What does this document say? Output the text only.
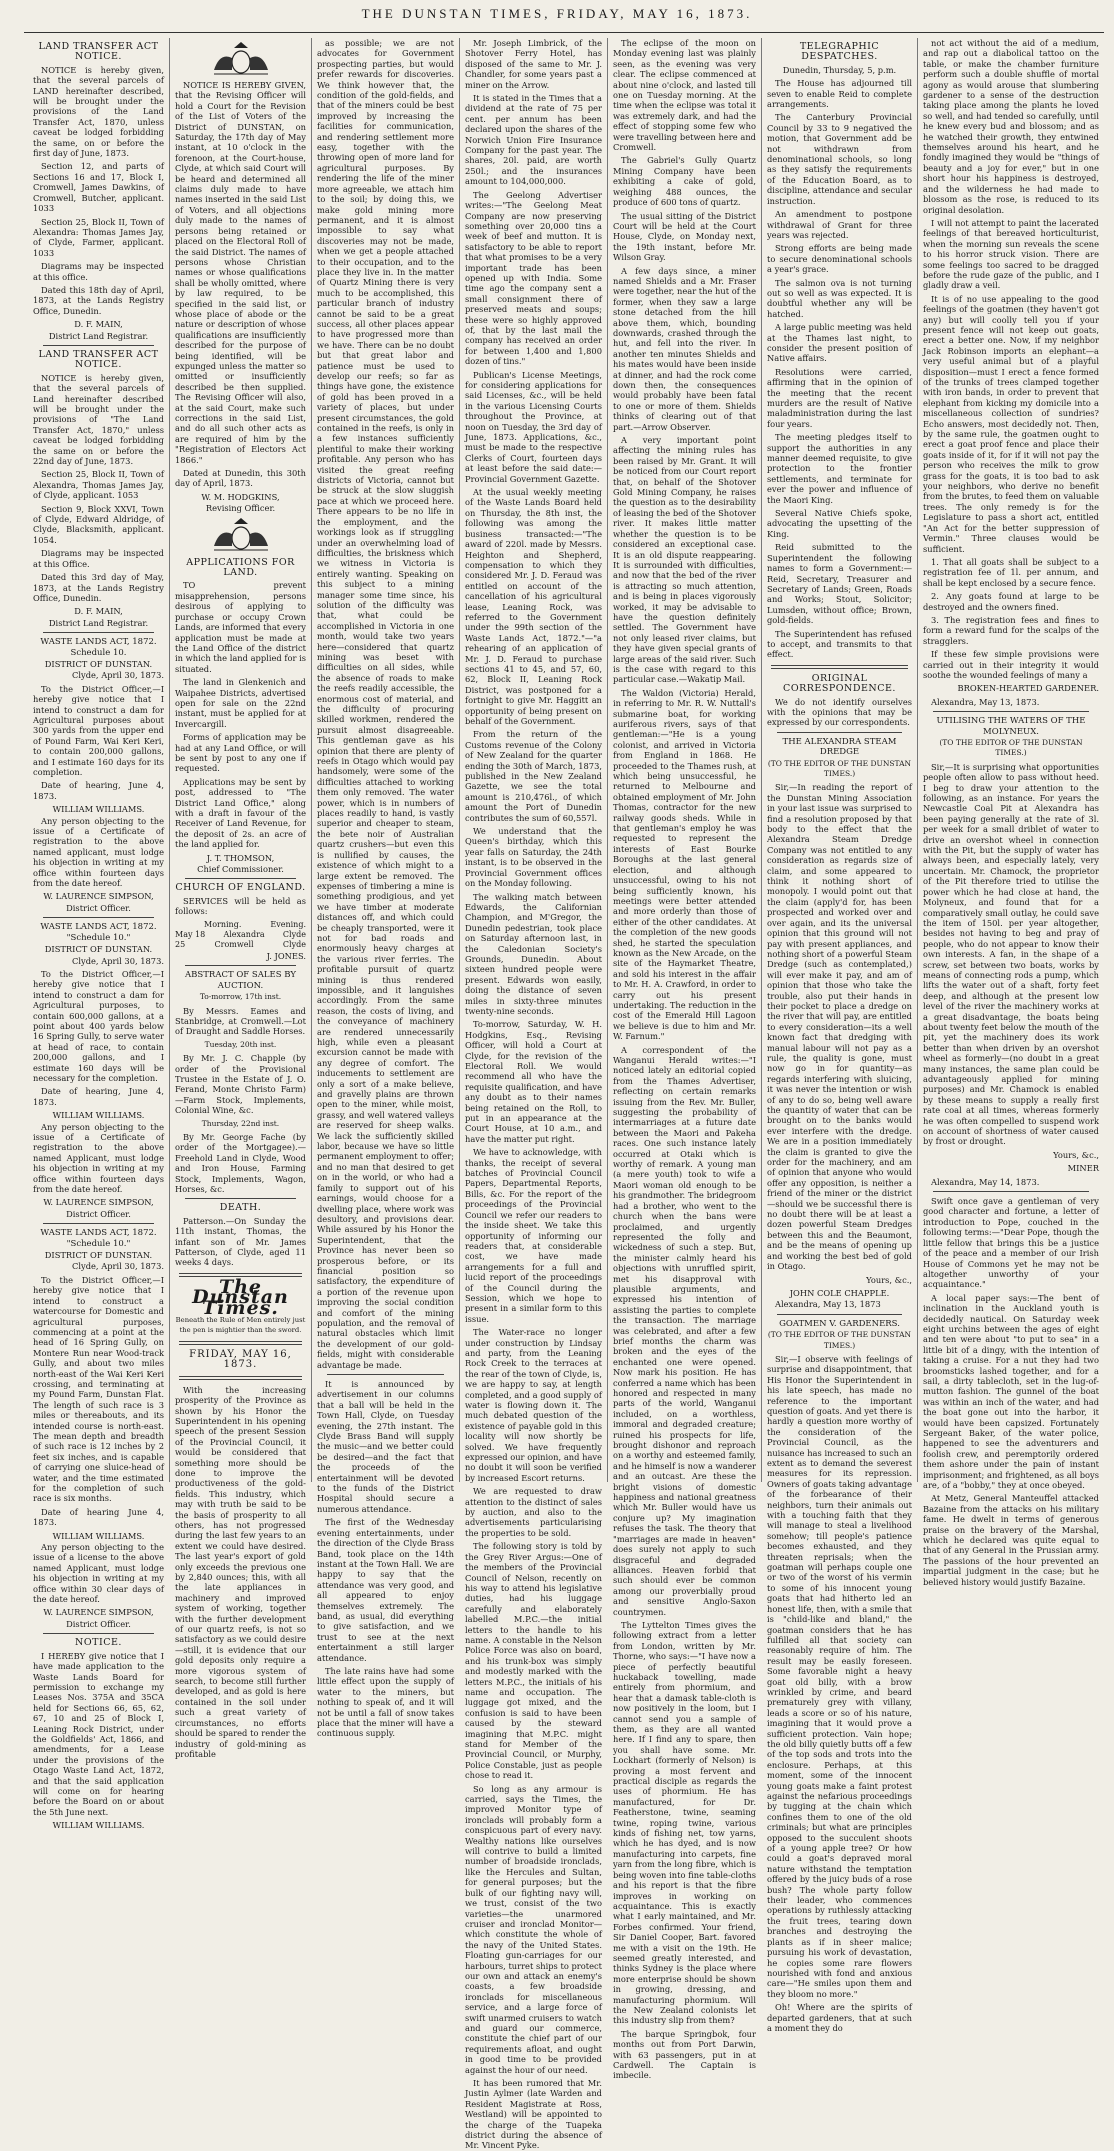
THE DUNSTAN TIMES, FRIDAY, MAY 16, 1873.
LAND TRANSFER ACT NOTICE.

NOTICE is hereby given, that the several parcels of LAND hereinafter described, will be brought under the provisions of the Land Transfer Act, 1870, unless caveat be lodged forbidding the same, on or before the first day of June, 1873.

Section 12, and parts of Sections 16 and 17, Block I, Cromwell, James Dawkins, of Cromwell, Butcher, applicant. 1033

Section 25, Block II, Town of Alexandra: Thomas James Jay, of Clyde, Farmer, applicant. 1033

Diagrams may be inspected at this office.

Dated this 18th day of April, 1873, at the Lands Registry Office, Dunedin.

D. F. MAIN,

District Land Registrar.

LAND TRANSFER ACT NOTICE.

NOTICE is hereby given, that the several parcels of Land hereinafter described will be brought under the provisions of "The Land Transfer Act, 1870," unless caveat be lodged forbidding the same on or before the 22nd day of June, 1873.

Section 25, Block II, Town of Alexandra, Thomas James Jay, of Clyde, applicant. 1053

Section 9, Block XXVI, Town of Clyde, Edward Aldridge, of Clyde, Blacksmith, applicant. 1054.

Diagrams may be inspected at this Office.

Dated this 3rd day of May, 1873, at the Lands Registry Office, Dunedin.

D. F. MAIN,

District Land Registrar.

WASTE LANDS ACT, 1872. Schedule 10.

DISTRICT OF DUNSTAN.

Clyde, April 30, 1873.

To the District Officer,—I hereby give notice that I intend to construct a dam for Agricultural purposes about 300 yards from the upper end of Pound Farm, Wai Keri Keri, to contain 200,000 gallons, and I estimate 160 days for its completion.

Date of hearing, June 4, 1873.

WILLIAM WILLIAMS.

Any person objecting to the issue of a Certificate of registration to the above named applicant, must lodge his objection in writing at my office within fourteen days from the date hereof.

W. LAURENCE SIMPSON,

District Officer.

WASTE LANDS ACT, 1872. "Schedule 10."

DISTRICT OF DUNSTAN.

Clyde, April 30, 1873.

To the District Officer,—I hereby give notice that I intend to construct a dam for Agricultural purposes, to contain 600,000 gallons, at a point about 400 yards below 16 Spring Gully, to serve water at head of race, to contain 200,000 gallons, and I estimate 160 days will be necessary for the completion.

Date of hearing, June 4, 1873.

WILLIAM WILLIAMS.

Any person objecting to the issue of a Certificate of registration to the above named Applicant, must lodge his objection in writing at my office within fourteen days from the date hereof.

W. LAURENCE SIMPSON,

District Officer.

WASTE LANDS ACT, 1872. "Schedule 10."

DISTRICT OF DUNSTAN.

Clyde, April 30, 1873.

To the District Officer,—I hereby give notice that I intend to construct a watercourse for Domestic and agricultural purposes, commencing at a point at the head of 16 Spring Gully, on Montere Run near Wood-track Gully, and about two miles north-east of the Wai Keri Keri crossing, and terminating at my Pound Farm, Dunstan Flat. The length of such race is 3 miles or thereabouts, and its intended course is north-east. The mean depth and breadth of such race is 12 inches by 2 feet six inches, and is capable of carrying one sluice-head of water, and the time estimated for the completion of such race is six months.

Date of hearing June 4, 1873.

WILLIAM WILLIAMS.

Any person objecting to the issue of a license to the above named Applicant, must lodge his objection in writing at my office within 30 clear days of the date hereof.

W. LAURENCE SIMPSON,

District Officer.

NOTICE.

I HEREBY give notice that I have made application to the Waste Lands Board for permission to exchange my Leases Nos. 375A and 35CA held for Sections 66, 65, 62, 67, 10 and 25 of Block I, Leaning Rock District, under the Goldfields' Act, 1866, and amendments, for a Lease under the provisions of the Otago Waste Land Act, 1872, and that the said application will come on for hearing before the Board on or about the 5th June next.

WILLIAM WILLIAMS.

NOTICE IS HEREBY GIVEN, that the Revising Officer will hold a Court for the Revision of the List of Voters of the District of DUNSTAN, on Saturday, the 17th day of May instant, at 10 o'clock in the forenoon, at the Court-house, Clyde, at which said Court will be heard and determined all claims duly made to have names inserted in the said List of Voters, and all objections duly made to the names of persons being retained or placed on the Electoral Roll of the said District. The names of persons whose Christian names or whose qualifications shall be wholly omitted, where by law required, to be specified in the said list, or whose place of abode or the nature or description of whose qualifications are insufficiently described for the purpose of being identified, will be expunged unless the matter so omitted or insufficiently described be then supplied. The Revising Officer will also, at the said Court, make such corrections in the said List, and do all such other acts as are required of him by the "Registration of Electors Act 1866."

Dated at Dunedin, this 30th day of April, 1873.

W. M. HODGKINS,

Revising Officer.

APPLICATIONS FOR LAND.

TO prevent misapprehension, persons desirous of applying to purchase or occupy Crown Lands, are informed that every application must be made at the Land Office of the district in which the land applied for is situated.

The land in Glenkenich and Waipahee Districts, advertised open for sale on the 22nd instant, must be applied for at Invercargill.

Forms of application may be had at any Land Office, or will be sent by post to any one if requested.

Applications may be sent by post, addressed to "The District Land Office," along with a draft in favour of the Receiver of Land Revenue, for the deposit of 2s. an acre of the land applied for.

J. T. THOMSON,

Chief Commissioner.

CHURCH OF ENGLAND.

SERVICES will be held as follows:

Morning.	Evening.
May 18 Alexandra Clyde
25	Cromwell	Clyde

J. JONES.

ABSTRACT OF SALES BY AUCTION.

To-morrow, 17th inst.

By Messrs. Eames and Stanbridge, at Cromwell.—Lot of Draught and Saddle Horses.

Tuesday, 20th inst.

By Mr. J. C. Chapple (by order of the Provisional Trustee in the Estate of J. O. Ferand, Monte Christo Farm)—Farm Stock, Implements, Colonial Wine, &c.

Thursday, 22nd inst.

By Mr. George Fache (by order of the Mortgagee).—Freehold Land in Clyde, Wood and Iron House, Farming Stock, Implements, Wagon, Horses, &c.

DEATH.

Patterson.—On Sunday the 11th instant, Thomas, the infant son of Mr. James Patterson, of Clyde, aged 11 weeks 4 days.

The Dunstan Times.
Beneath the Rule of Men entirely just the pen is mightier than the sword.
FRIDAY, MAY 16, 1873.

With the increasing prosperity of the Province as shown by his Honor the Superintendent in his opening speech of the present Session of the Provincial Council, it would be considered that something more should be done to improve the productiveness of the gold-fields. This industry, which may with truth be said to be the basis of prosperity to all others, has not progressed during the last few years to an extent we could have desired. The last year's export of gold only exceeds the previous one by 2,840 ounces; this, with all the late appliances in machinery and improved system of working, together with the further development of our quartz reefs, is not so satisfactory as we could desire—still, it is evidence that our gold deposits only require a more vigorous system of search, to become still further developed, and as gold is here contained in the soil under such a great variety of circumstances, no efforts should be spared to render the industry of gold-mining as profitable

as possible; we are not advocates for Government prospecting parties, but would prefer rewards for discoveries. We think however that, the condition of the gold-fields, and that of the miners could be best improved by increasing the facilities for communication, and rendering settlement more easy, together with the throwing open of more land for agricultural purposes. By rendering the life of the miner more agreeable, we attach him to the soil; by doing this, we make gold mining more permanent, and it is almost impossible to say what discoveries may not be made, when we get a people attached to their occupation, and to the place they live in. In the matter of Quartz Mining there is very much to be accomplished, this particular branch of industry cannot be said to be a great success, all other places appear to have progressed more than we have. There can be no doubt but that great labor and patience must be used to develop our reefs; so far as things have gone, the existence of gold has been proved in a variety of places, but under present circumstances, the gold contained in the reefs, is only in a few instances sufficiently plentiful to make their working profitable. Any person who has visited the great reefing districts of Victoria, cannot but be struck at the slow sluggish pace at which we proceed here. There appears to be no life in the employment, and the workings look as if struggling under an overwhelming load of difficulties, the briskness which we witness in Victoria is entirely wanting. Speaking on this subject to a mining manager some time since, his solution of the difficulty was that, what could be accomplished in Victoria in one month, would take two years here—considered that quartz mining was beset with difficulties on all sides, while the absence of roads to make the reefs readily accessible, the enormous cost of material, and the difficulty of procuring skilled workmen, rendered the pursuit almost disagreeable. This gentleman gave as his opinion that there are plenty of reefs in Otago which would pay handsomely, were some of the difficulties attached to working them only removed. The water power, which is in numbers of places readily to hand, is vastly superior and cheaper to steam, the bete noir of Australian quartz crushers—but even this is nullified by causes, the existence of which might to a large extent be removed. The expenses of timbering a mine is something prodigious, and yet we have timber at moderate distances off, and which could be cheaply transported, were it not for bad roads and enormously heavy charges at the various river ferries. The profitable pursuit of quartz mining is thus rendered impossible, and it languishes accordingly. From the same reason, the costs of living, and the conveyance of machinery are rendered unnecessarily high, while even a pleasant excursion cannot be made with any degree of comfort. The inducements to settlement are only a sort of a make believe, and gravelly plains are thrown open to the miner, while moist, grassy, and well watered valleys are reserved for sheep walks. We lack the sufficiently skilled labor, because we have so little permanent employment to offer; and no man that desired to get on in the world, or who had a family to support out of his earnings, would choose for a dwelling place, where work was desultory, and provisions dear. While assured by his Honor the Superintendent, that the Province has never been so prosperous before, or its financial position so satisfactory, the expenditure of a portion of the revenue upon improving the social condition and comfort of the mining population, and the removal of natural obstacles which limit the development of our gold-fields, might with considerable advantage be made.

It is announced by advertisement in our columns that a ball will be held in the Town Hall, Clyde, on Tuesday evening, the 27th instant. The Clyde Brass Band will supply the music—and we better could be desired—and the fact that the proceeds of the entertainment will be devoted to the funds of the District Hospital should secure a numerous attendance.

The first of the Wednesday evening entertainments, under the direction of the Clyde Brass Band, took place on the 14th instant at the Town Hall. We are happy to say that the attendance was very good, and all appeared to enjoy themselves extremely. The band, as usual, did everything to give satisfaction, and we trust to see at the next entertainment a still larger attendance.

The late rains have had some little effect upon the supply of water to the miners, but nothing to speak of, and it will not be until a fall of snow takes place that the miner will have a continuous supply.

Mr. Joseph Limbrick, of the Shotover Ferry Hotel, has disposed of the same to Mr. J. Chandler, for some years past a miner on the Arrow.

It is stated in the Times that a dividend at the rate of 75 per cent. per annum has been declared upon the shares of the Norwich Union Fire Insurance Company for the past year. The shares, 20l. paid, are worth 250l.; and the insurances amount to 104,000,000.

The Geelong Advertiser writes:—"The Geelong Meat Company are now preserving something over 20,000 tins a week of beef and mutton. It is satisfactory to be able to report that what promises to be a very important trade has been opened up with India. Some time ago the company sent a small consignment there of preserved meats and soups; these were so highly approved of, that by the last mail the company has received an order for between 1,400 and 1,800 dozen of tins."

Publican's License Meetings, for considering applications for said Licenses, &c., will be held in the various Licensing Courts throughout the Province, at noon on Tuesday, the 3rd day of June, 1873. Applications, &c., must be made to the respective Clerks of Court, fourteen days at least before the said date:—Provincial Government Gazette.

At the usual weekly meeting of the Waste Lands Board held on Thursday, the 8th inst, the following was among the business transacted:—"The award of 220l. made by Messrs. Heighton and Shepherd, compensation to which they considered Mr. J. D. Feraud was entitled on account of the cancellation of his agricultural lease, Leaning Rock, was referred to the Government under the 99th section of the Waste Lands Act, 1872."—"a rehearing of an application of Mr. J. D. Feraud to purchase sections 41 to 45, and 57, 60, 62, Block II, Leaning Rock District, was postponed for a fortnight to give Mr. Haggitt an opportunity of being present on behalf of the Government.

From the return of the Customs revenue of the Colony of New Zealand for the quarter ending the 30th of March, 1873, published in the New Zealand Gazette, we see the total amount is 210,476l., of which amount the Port of Dunedin contributes the sum of 60,557l.

We understand that the Queen's birthday, which this year falls on Saturday, the 24th instant, is to be observed in the Provincial Government offices on the Monday following.

The walking match between Edwards, the Californian Champion, and M'Gregor, the Dunedin pedestrian, took place on Saturday afternoon last, in the Caledonian Society's Grounds, Dunedin. About sixteen hundred people were present. Edwards won easily, doing the distance of seven miles in sixty-three minutes twenty-nine seconds.

To-morrow, Saturday, W. H. Hodgkins, Esq., Revising Officer, will hold a Court at Clyde, for the revision of the Electoral Roll. We would recommend all who have the requisite qualification, and have any doubt as to their names being retained on the Roll, to put in an appearance at the Court House, at 10 a.m., and have the matter put right.

We have to acknowledge, with thanks, the receipt of several batches of Provincial Council Papers, Departmental Reports, Bills, &c. For the report of the proceedings of the Provincial Council we refer our readers to the inside sheet. We take this opportunity of informing our readers that, at considerable cost, we have made arrangements for a full and lucid report of the proceedings of the Council during the Session, which we hope to present in a similar form to this issue.

The Water-race no longer under construction by Lindsay and party, from the Leaning Rock Creek to the terraces at the rear of the town of Clyde, is, we are happy to say, at length completed, and a good supply of water is flowing down it. The much debated question of the existence of payable gold in this locality will now shortly be solved. We have frequently expressed our opinion, and have no doubt it will soon be verified by increased Escort returns.

We are requested to draw attention to the distinct of sales by auction, and also to the advertisements particularising the properties to be sold.

The following story is told by the Grey River Argus:—One of the members of the Provincial Council of Nelson, recently on his way to attend his legislative duties, had his luggage carefully and elaborately labelled M.P.C.—the initial letters to the handle to his name. A constable in the Nelson Police Force was also on board, and his trunk-box was simply and modestly marked with the letters M.P.C., the initials of his name and occupation. The luggage got mixed, and the confusion is said to have been caused by the steward imagining that M.P.C. might stand for Member of the Provincial Council, or Murphy, Police Constable, just as people chose to read it.

So long as any armour is carried, says the Times, the improved Monitor type of ironclads will probably form a conspicuous part of every navy. Wealthy nations like ourselves will contrive to build a limited number of broadside ironclads, like the Hercules and Sultan, for general purposes; but the bulk of our fighting navy will, we trust, consist of the two varieties—the unarmored cruiser and ironclad Monitor—which constitute the whole of the navy of the United States. Floating gun-carriages for our harbours, turret ships to protect our own and attack an enemy's coasts, a few broadside ironclads for miscellaneous service, and a large force of swift unarmed cruisers to watch and guard our commerce, constitute the chief part of our requirements afloat, and ought in good time to be provided against the hour of our need.

It has been rumored that Mr. Justin Aylmer (late Warden and Resident Magistrate at Ross, Westland) will be appointed to the charge of the Tuapeka district during the absence of Mr. Vincent Pyke.

The eclipse of the moon on Monday evening last was plainly seen, as the evening was very clear. The eclipse commenced at about nine o'clock, and lasted till one on Tuesday morning. At the time when the eclipse was total it was extremely dark, and had the effect of stopping some few who were travelling between here and Cromwell.

The Gabriel's Gully Quartz Mining Company have been exhibiting a cake of gold, weighing 488 ounces, the produce of 600 tons of quartz.

The usual sitting of the District Court will be held at the Court House, Clyde, on Monday next, the 19th instant, before Mr. Wilson Gray.

A few days since, a miner named Shields and a Mr. Fraser were together, near the hut of the former, when they saw a large stone detached from the hill above them, which, bounding downwards, crashed through the hut, and fell into the river. In another ten minutes Shields and his mates would have been inside at dinner, and had the rock come down then, the consequences would probably have been fatal to one or more of them. Shields thinks of clearing out of that part.—Arrow Observer.

A very important point affecting the mining rules has been raised by Mr. Grant. It will be noticed from our Court report that, on behalf of the Shotover Gold Mining Company, he raises the question as to the desirability of leasing the bed of the Shotover river. It makes little matter whether the question is to be considered an exceptional case. It is an old dispute reappearing. It is surrounded with difficulties, and now that the bed of the river is attracting so much attention, and is being in places vigorously worked, it may be advisable to have the question definitely settled. The Government have not only leased river claims, but they have given special grants of large areas of the said river. Such is the case with regard to this particular case.—Wakatip Mail.

The Waldon (Victoria) Herald, in referring to Mr. R. W. Nuttall's submarine boat, for working auriferous rivers, says of that gentleman:—"He is a young colonist, and arrived in Victoria from England in 1868. He proceeded to the Thames rush, at which being unsuccessful, he returned to Melbourne and obtained employment of Mr. John Thomas, contractor for the new railway goods sheds. While in that gentleman's employ he was requested to represent the interests of East Bourke Boroughs at the last general election, and although unsuccessful, owing to his not being sufficiently known, his meetings were better attended and more orderly than those of either of the other candidates. At the completion of the new goods shed, he started the speculation known as the New Arcade, on the site of the Haymarket Theatre, and sold his interest in the affair to Mr. H. A. Crawford, in order to carry out his present undertaking. The reduction in the cost of the Emerald Hill Lagoon we believe is due to him and Mr. W. Farnum."

A correspondent of the Wanganui Herald writes:—"I noticed lately an editorial copied from the Thames Advertiser, reflecting on certain remarks issuing from the Rev. Mr. Buller, suggesting the probability of intermarriages at a future date between the Maori and Pakeha races. One such instance lately occurred at Otaki which is worthy of remark. A young man (a mere youth) took to wife a Maori woman old enough to be his grandmother. The bridegroom had a brother, who went to the church when the bans were proclaimed, and urgently represented the folly and wickedness of such a step. But, the minister calmly heard his objections with unruffled spirit, met his disapproval with plausible arguments, and expressed his intention of assisting the parties to complete the transaction. The marriage was celebrated, and after a few brief months the charm was broken and the eyes of the enchanted one were opened. Now mark his position. He has conferred a name which has been honored and respected in many parts of the world, Wanganui included, on a worthless, immoral and degraded creature; ruined his prospects for life, brought dishonor and reproach on a worthy and esteemed family, and he himself is now a wanderer and an outcast. Are these the bright visions of domestic happiness and national greatness which Mr. Buller would have us conjure up? My imagination refuses the task. The theory that "marriages are made in heaven" does surely not apply to such disgraceful and degraded alliances. Heaven forbid that such should ever be common among our proverbially proud and sensitive Anglo-Saxon countrymen.

The Lyttelton Times gives the following extract from a letter from London, written by Mr. Thorne, who says:—"I have now a piece of perfectly beautiful huckaback towelling, made entirely from phormium, and hear that a damask table-cloth is now positively in the loom, but I cannot send you a sample of them, as they are all wanted here. If I find any to spare, then you shall have some. Mr. Lockhart (formerly of Nelson) is proving a most fervent and practical disciple as regards the uses of phormium. He has manufactured, for Dr. Featherstone, twine, seaming twine, roping twine, various kinds of fishing net, tow yarns, which he has dyed, and is now manufacturing into carpets, fine yarn from the long fibre, which is being woven into fine table-cloths and his report is that the fibre improves in working on acquaintance. This is exactly what I early maintained, and Mr. Forbes confirmed. Your friend, Sir Daniel Cooper, Bart. favored me with a visit on the 19th. He seemed greatly interested, and thinks Sydney is the place where more enterprise should be shown in growing, dressing, and manufacturing phormium. Will the New Zealand colonists let this industry slip from them?

The barque Springbok, four months out from Port Darwin, with 63 passengers, put in at Cardwell. The Captain is imbecile.

TELEGRAPHIC DESPATCHES.

Dunedin, Thursday, 5, p.m.

The House has adjourned till seven to enable Reid to complete arrangements.

The Canterbury Provincial Council by 33 to 9 negatived the motion, that Government add be not withdrawn from denominational schools, so long as they satisfy the requirements of the Education Board, as to discipline, attendance and secular instruction.

An amendment to postpone withdrawal of Grant for three years was rejected.

Strong efforts are being made to secure denominational schools a year's grace.

The salmon ova is not turning out so well as was expected. It is doubtful whether any will be hatched.

A large public meeting was held at the Thames last night, to consider the present position of Native affairs.

Resolutions were carried, affirming that in the opinion of the meeting that the recent murders are the result of Native maladministration during the last four years.

The meeting pledges itself to support the authorities in any manner deemed requisite, to give protection to the frontier settlements, and terminate for ever the power and influence of the Maori King.

Several Native Chiefs spoke, advocating the upsetting of the King.

Reid submitted to the Superintendent the following names to form a Government:—Reid, Secretary, Treasurer and Secretary of Lands; Green, Roads and Works; Stout, Solicitor; Lumsden, without office; Brown, gold-fields.

The Superintendent has refused to accept, and transmits to that effect.

ORIGINAL CORRESPONDENCE.

We do not identify ourselves with the opinions that may be expressed by our correspondents.

THE ALEXANDRA STEAM DREDGE

(TO THE EDITOR OF THE DUNSTAN TIMES.)

Sir,—In reading the report of the Dunstan Mining Association in your last issue was surprised to find a resolution proposed by that body to the effect that the Alexandra Steam Dredge Company was not entitled to any consideration as regards size of claim, and some appeared to think it nothing short of monopoly. I would point out that the claim (apply'd for, has been prospected and worked over and over again, and its the universal opinion that this ground will not pay with present appliances, and nothing short of a powerful Steam Dredge (such as contemplated,) will ever make it pay, and am of opinion that those who take the trouble, also put their hands in their pocket to place a dredge on the river that will pay, are entitled to every consideration—its a well known fact that dredging with manual labour will not pay as a rule, the quality is gone, must now go in for quantity—as regards interfering with sluicing, it was never the intention or wish of any to do so, being well aware the quantity of water that can be brought on to the banks would ever interfere with the dredge. We are in a position immediately the claim is granted to give the order for the machinery, and am of opinion that anyone who would offer any opposition, is neither a friend of the miner or the district—should we be successful there is no doubt there will be at least a dozen powerful Steam Dredges between this and the Beaumont, and be the means of opening up and working the best bed of gold in Otago.

Yours, &c.,

JOHN COLE CHAPPLE.

Alexandra, May 13, 1873

GOATMEN V. GARDENERS.

(TO THE EDITOR OF THE DUNSTAN TIMES.)

Sir,—I observe with feelings of surprise and disappointment, that His Honor the Superintendent in his late speech, has made no reference to the important question of goats. And yet there is hardly a question more worthy of the consideration of the Provincial Council, as the nuisance has increased to such an extent as to demand the severest measures for its repression. Owners of goats taking advantage of the forbearance of their neighbors, turn their animals out with a touching faith that they will manage to steal a livelihood somehow; till people's patience becomes exhausted, and they threaten reprisals; when the goatman will perhaps couple one or two of the worst of his vermin to some of his innocent young goats that had hitherto led an honest life, then, with a smile that is "child-like and bland," the goatman considers that he has fulfilled all that society can reasonably require of him. The result may be easily foreseen. Some favorable night a heavy goat old billy, with a brow wrinkled by crime, and beard prematurely grey with villany, leads a score or so of his nature, imagining that it would prove a sufficient protection. Vain hope; the old billy quietly butts off a few of the top sods and trots into the enclosure. Perhaps, at this moment, some of the innocent young goats make a faint protest against the nefarious proceedings by tugging at the chain which confines them to one of the old criminals; but what are principles opposed to the succulent shoots of a young apple tree? Or how could a goat's depraved moral nature withstand the temptation offered by the juicy buds of a rose bush? The whole party follow their leader, who commences operations by ruthlessly attacking the fruit trees, tearing down branches and destroying the plants as if in sheer malice; pursuing his work of devastation, he copies some rare flowers nourished with fond and anxious care—"He smiles upon them and they bloom no more."

Oh! Where are the spirits of departed gardeners, that at such a moment they do

not act without the aid of a medium, and rap out a diabolical tattoo on the table, or make the chamber furniture perform such a double shuffle of mortal agony as would arouse that slumbering gardener to a sense of the destruction taking place among the plants he loved so well, and had tended so carefully, until he knew every bud and blossom; and as he watched their growth, they entwined themselves around his heart, and he fondly imagined they would be "things of beauty and a joy for ever," but in one short hour his happiness is destroyed, and the wilderness he had made to blossom as the rose, is reduced to its original desolation.

I will not attempt to paint the lacerated feelings of that bereaved horticulturist, when the morning sun reveals the scene to his horror struck vision. There are some feelings too sacred to be dragged before the rude gaze of the public, and I gladly draw a veil.

It is of no use appealing to the good feelings of the goatmen (they haven't got any) but will coolly tell you if your present fence will not keep out goats, erect a better one. Now, if my neighbor Jack Robinson imports an elephant—a very useful animal but of a playful disposition—must I erect a fence formed of the trunks of trees clamped together with iron bands, in order to prevent that elephant from kicking my domicile into a miscellaneous collection of sundries? Echo answers, most decidedly not. Then, by the same rule, the goatmen ought to erect a goat proof fence and place their goats inside of it, for if it will not pay the person who receives the milk to grow grass for the goats, it is too bad to ask your neighbors, who derive no benefit from the brutes, to feed them on valuable trees. The only remedy is for the Legislature to pass a short act, entitled "An Act for the better suppression of Vermin." Three clauses would be sufficient.

1. That all goats shall be subject to a registration fee of 1l. per annum, and shall be kept enclosed by a secure fence.

2. Any goats found at large to be destroyed and the owners fined.

3. The registration fees and fines to form a reward fund for the scalps of the stragglers.

If these few simple provisions were carried out in their integrity it would soothe the wounded feelings of many a

BROKEN-HEARTED GARDENER.

Alexandra, May 13, 1873.

UTILISING THE WATERS OF THE MOLYNEUX.

(TO THE EDITOR OF THE DUNSTAN TIMES.)

Sir,—It is surprising what opportunities people often allow to pass without heed. I beg to draw your attention to the following, as an instance. For years the Newcastle Coal Pit at Alexandra has been paying generally at the rate of 3l. per week for a small driblet of water to drive an overshot wheel in connection with the Pit, but the supply of water has always been, and especially lately, very uncertain. Mr. Chamock, the proprietor of the Pit therefore tried to utilise the power which he had close at hand, the Molyneux, and found that for a comparatively small outlay, he could save the item of 150l. per year altogether, besides not having to beg and pray of people, who do not appear to know their own interests. A fan, in the shape of a screw, set between two boats, works by means of connecting rods a pump, which lifts the water out of a shaft, forty feet deep, and although at the present low level of the river the machinery works at a great disadvantage, the boats being about twenty feet below the mouth of the pit, yet the machinery does its work better than when driven by an overshot wheel as formerly—(no doubt in a great many instances, the same plan could be advantageously applied for mining purposes) and Mr. Chamock is enabled by these means to supply a really first rate coal at all times, whereas formerly he was often compelled to suspend work on account of shortness of water caused by frost or drought.

Yours, &c.,

MINER

Alexandra, May 14, 1873.

Swift once gave a gentleman of very good character and fortune, a letter of introduction to Pope, couched in the following terms:—"Dear Pope, though the little fellow that brings this be a justice of the peace and a member of our Irish House of Commons yet he may not be altogether unworthy of your acquaintance."

A local paper says:—The bent of inclination in the Auckland youth is decidedly nautical. On Saturday week eight urchins between the ages of eight and ten were about "to put to sea" in a little bit of a dingy, with the intention of taking a cruise. For a nut they had two broomsticks lashed together, and for a sail, a dirty tablecloth, set in the lug-of-mutton fashion. The gunnel of the boat was within an inch of the water, and had the boat gone out into the harbor, it would have been capsized. Fortunately Sergeant Baker, of the water police, happened to see the adventurers and foolish crew, and peremptorily ordered them ashore under the pain of instant imprisonment; and frightened, as all boys are, of a "bobby," they at once obeyed.

At Metz, General Manteuffel attacked Bazaine from the attacks on his military fame. He dwelt in terms of generous praise on the bravery of the Marshal, which he declared was quite equal to that of any General in the Prussian army. The passions of the hour prevented an impartial judgment in the case; but he believed history would justify Bazaine.
